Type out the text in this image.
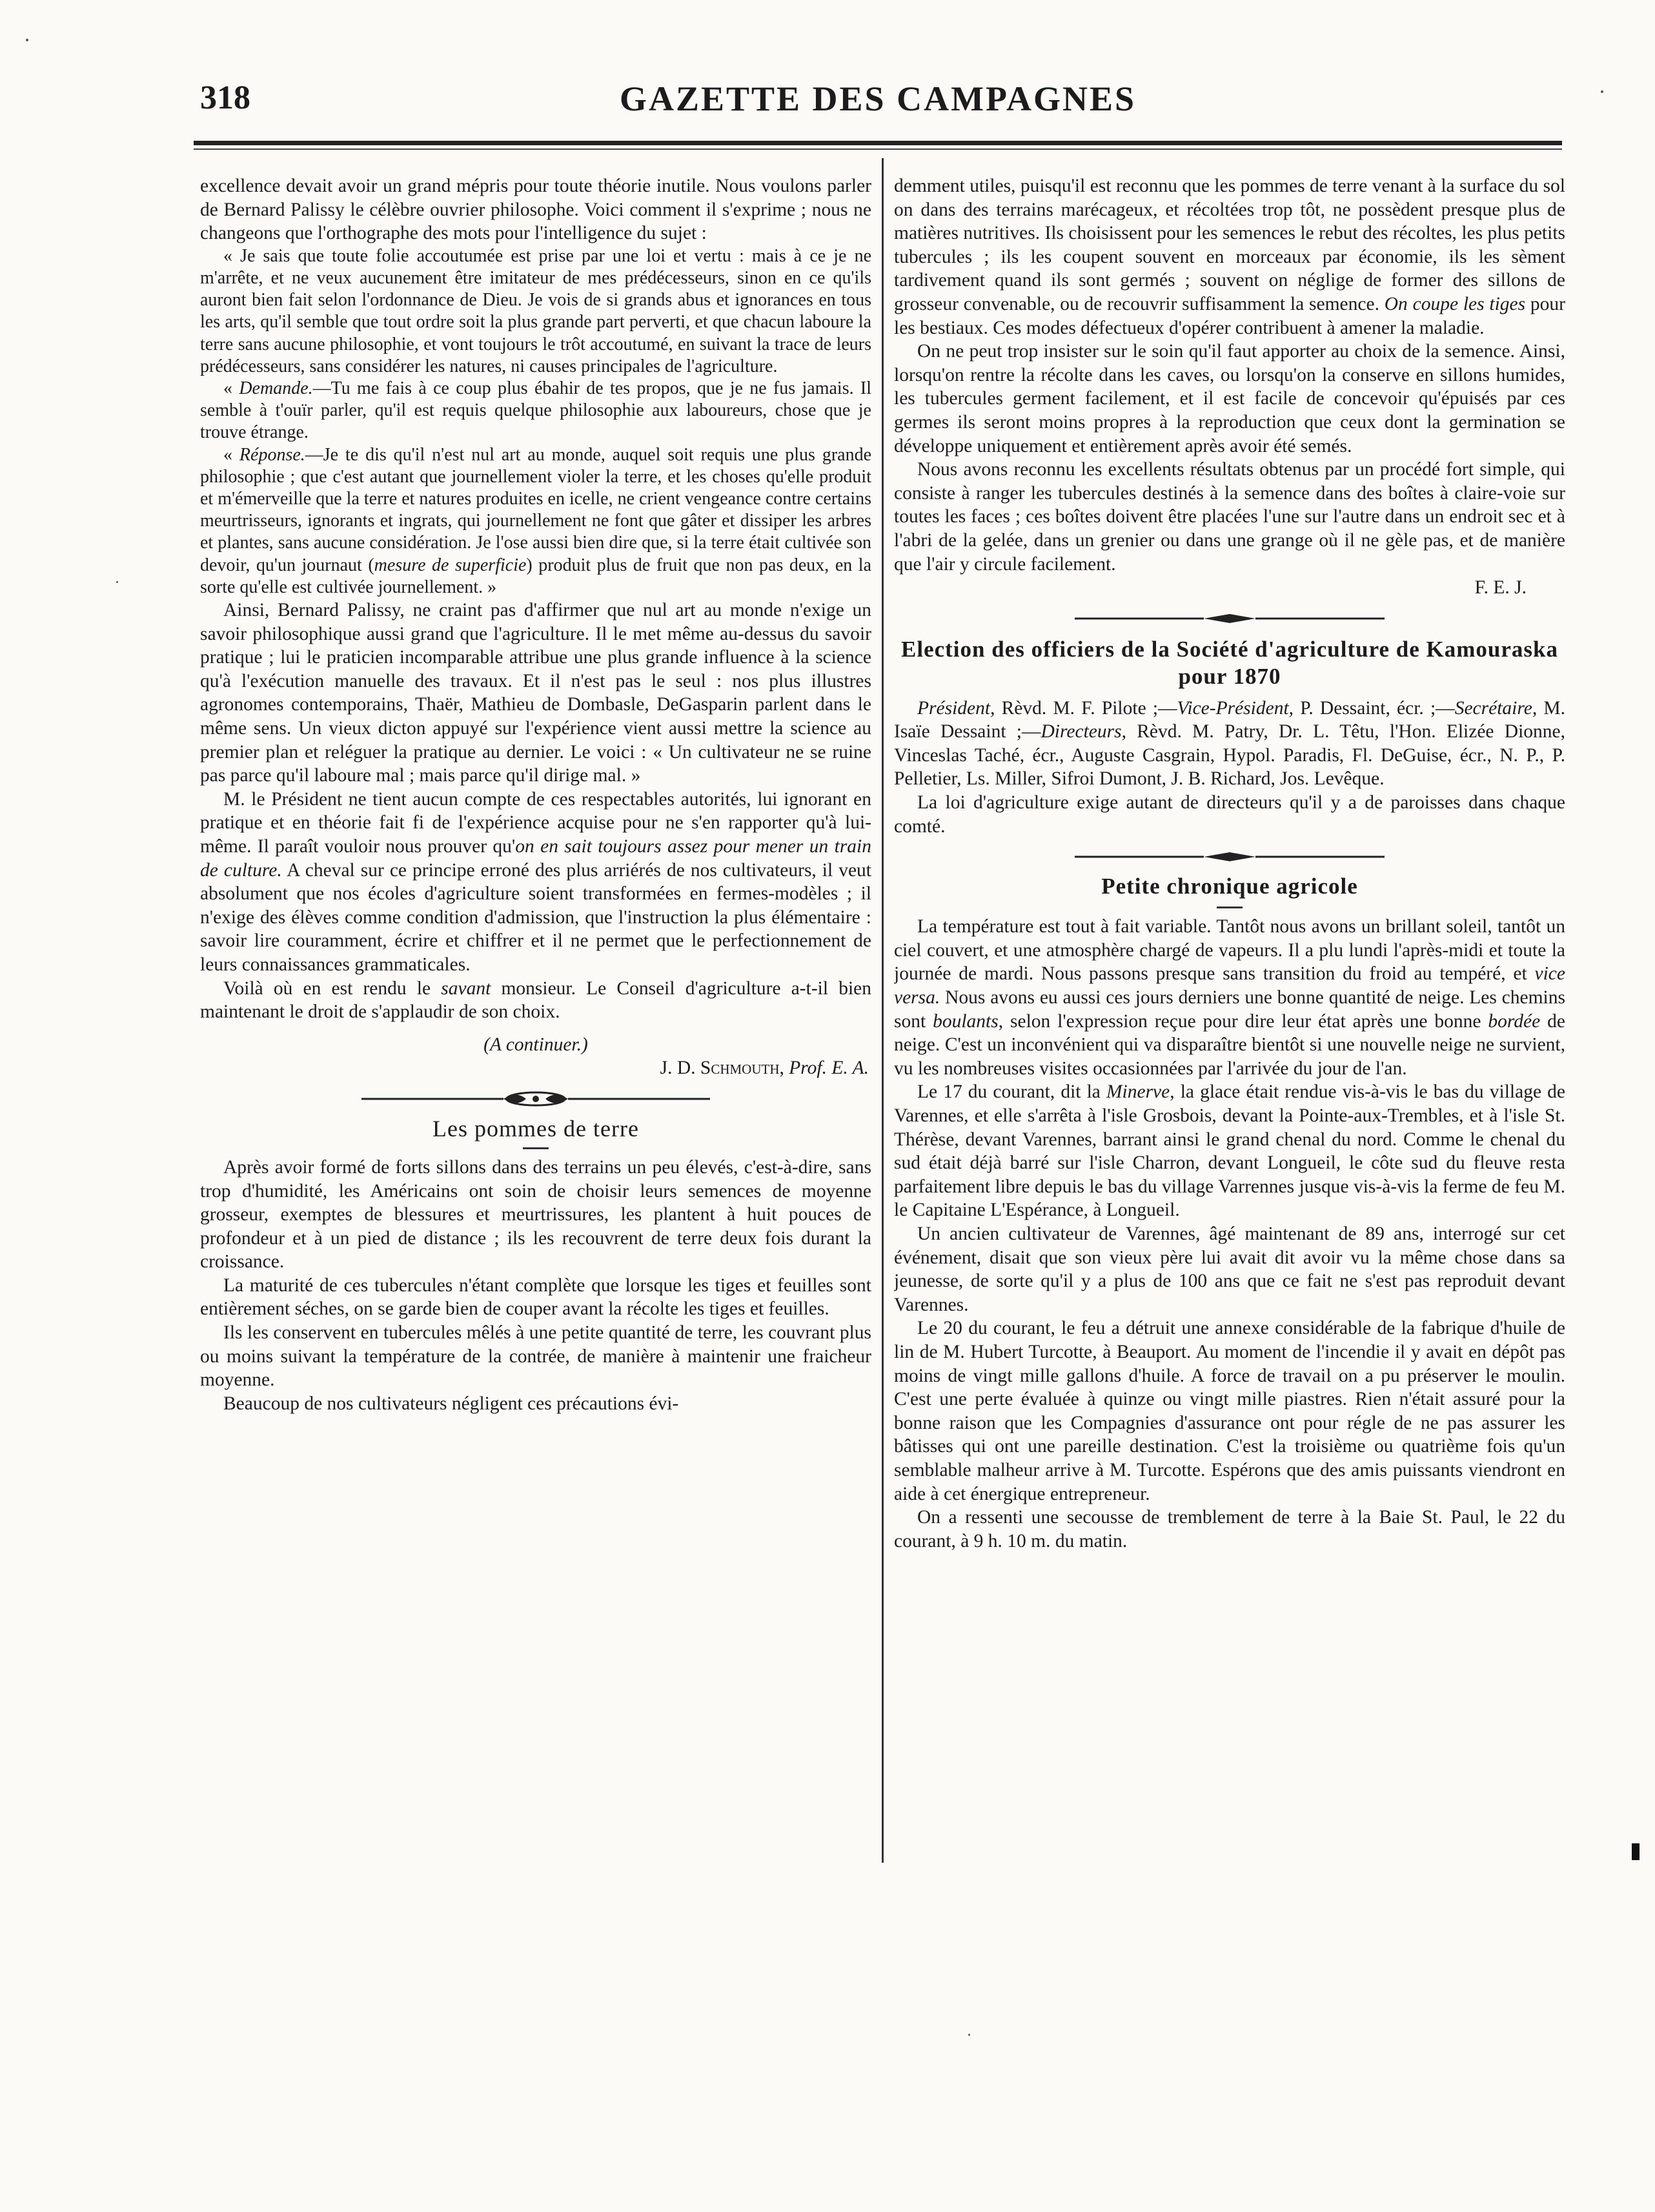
318	GAZETTE DES CAMPAGNES

excellence devait avoir un grand mépris pour toute théorie inutile. Nous voulons parler de Bernard Palissy le célèbre ouvrier philosophe. Voici comment il s'exprime ; nous ne changeons que l'orthographe des mots pour l'intelligence du sujet :

« Je sais que toute folie accoutumée est prise par une loi et vertu : mais à ce je ne m'arrête, et ne veux aucunement être imitateur de mes prédécesseurs, sinon en ce qu'ils auront bien fait selon l'ordonnance de Dieu. Je vois de si grands abus et ignorances en tous les arts, qu'il semble que tout ordre soit la plus grande part perverti, et que chacun laboure la terre sans aucune philosophie, et vont toujours le trôt accoutumé, en suivant la trace de leurs prédécesseurs, sans considérer les natures, ni causes principales de l'agriculture.

« Demande.—Tu me fais à ce coup plus ébahir de tes propos, que je ne fus jamais. Il semble à t'ouïr parler, qu'il est requis quelque philosophie aux laboureurs, chose que je trouve étrange.

« Réponse.—Je te dis qu'il n'est nul art au monde, auquel soit requis une plus grande philosophie ; que c'est autant que journellement violer la terre, et les choses qu'elle produit et m'émerveille que la terre et natures produites en icelle, ne crient vengeance contre certains meurtrisseurs, ignorants et ingrats, qui journellement ne font que gâter et dissiper les arbres et plantes, sans aucune considération. Je l'ose aussi bien dire que, si la terre était cultivée son devoir, qu'un journaut (mesure de superficie) produit plus de fruit que non pas deux, en la sorte qu'elle est cultivée journellement. »

Ainsi, Bernard Palissy, ne craint pas d'affirmer que nul art au monde n'exige un savoir philosophique aussi grand que l'agriculture. Il le met même au-dessus du savoir pratique ; lui le praticien incomparable attribue une plus grande influence à la science qu'à l'exécution manuelle des travaux. Et il n'est pas le seul : nos plus illustres agronomes contemporains, Thaër, Mathieu de Dombasle, DeGasparin parlent dans le même sens. Un vieux dicton appuyé sur l'expérience vient aussi mettre la science au premier plan et reléguer la pratique au dernier. Le voici : « Un cultivateur ne se ruine pas parce qu'il laboure mal ; mais parce qu'il dirige mal. »

M. le Président ne tient aucun compte de ces respectables autorités, lui ignorant en pratique et en théorie fait fi de l'expérience acquise pour ne s'en rapporter qu'à lui-même. Il paraît vouloir nous prouver qu'on en sait toujours assez pour mener un train de culture. A cheval sur ce principe erroné des plus arriérés de nos cultivateurs, il veut absolument que nos écoles d'agriculture soient transformées en fermes-modèles ; il n'exige des élèves comme condition d'admission, que l'instruction la plus élémentaire : savoir lire couramment, écrire et chiffrer et il ne permet que le perfectionnement de leurs connaissances grammaticales.

Voilà où en est rendu le savant monsieur. Le Conseil d'agriculture a-t-il bien maintenant le droit de s'applaudir de son choix.

(A continuer.)

J. D. Schmouth, Prof. E. A.

Les pommes de terre

Après avoir formé de forts sillons dans des terrains un peu élevés, c'est-à-dire, sans trop d'humidité, les Américains ont soin de choisir leurs semences de moyenne grosseur, exemptes de blessures et meurtrissures, les plantent à huit pouces de profondeur et à un pied de distance ; ils les recouvrent de terre deux fois durant la croissance.

La maturité de ces tubercules n'étant complète que lorsque les tiges et feuilles sont entièrement séches, on se garde bien de couper avant la récolte les tiges et feuilles.

Ils les conservent en tubercules mêlés à une petite quantité de terre, les couvrant plus ou moins suivant la température de la contrée, de manière à maintenir une fraicheur moyenne.

Beaucoup de nos cultivateurs négligent ces précautions évi-

demment utiles, puisqu'il est reconnu que les pommes de terre venant à la surface du sol on dans des terrains marécageux, et récoltées trop tôt, ne possèdent presque plus de matières nutritives. Ils choisissent pour les semences le rebut des récoltes, les plus petits tubercules ; ils les coupent souvent en morceaux par économie, ils les sèment tardivement quand ils sont germés ; souvent on néglige de former des sillons de grosseur convenable, ou de recouvrir suffisamment la semence. On coupe les tiges pour les bestiaux. Ces modes défectueux d'opérer contribuent à amener la maladie.

On ne peut trop insister sur le soin qu'il faut apporter au choix de la semence. Ainsi, lorsqu'on rentre la récolte dans les caves, ou lorsqu'on la conserve en sillons humides, les tubercules germent facilement, et il est facile de concevoir qu'épuisés par ces germes ils seront moins propres à la reproduction que ceux dont la germination se développe uniquement et entièrement après avoir été semés.

Nous avons reconnu les excellents résultats obtenus par un procédé fort simple, qui consiste à ranger les tubercules destinés à la semence dans des boîtes à claire-voie sur toutes les faces ; ces boîtes doivent être placées l'une sur l'autre dans un endroit sec et à l'abri de la gelée, dans un grenier ou dans une grange où il ne gèle pas, et de manière que l'air y circule facilement.

F. E. J.

Election des officiers de la Société d'agriculture de Kamouraska pour 1870

Président, Rèvd. M. F. Pilote ;—Vice-Président, P. Dessaint, écr. ;—Secrétaire, M. Isaïe Dessaint ;—Directeurs, Rèvd. M. Patry, Dr. L. Têtu, l'Hon. Elizée Dionne, Vinceslas Taché, écr., Auguste Casgrain, Hypol. Paradis, Fl. DeGuise, écr., N. P., P. Pelletier, Ls. Miller, Sifroi Dumont, J. B. Richard, Jos. Levêque.

La loi d'agriculture exige autant de directeurs qu'il y a de paroisses dans chaque comté.

Petite chronique agricole

La température est tout à fait variable. Tantôt nous avons un brillant soleil, tantôt un ciel couvert, et une atmosphère chargé de vapeurs. Il a plu lundi l'après-midi et toute la journée de mardi. Nous passons presque sans transition du froid au tempéré, et vice versa. Nous avons eu aussi ces jours derniers une bonne quantité de neige. Les chemins sont boulants, selon l'expression reçue pour dire leur état après une bonne bordée de neige. C'est un inconvénient qui va disparaître bientôt si une nouvelle neige ne survient, vu les nombreuses visites occasionnées par l'arrivée du jour de l'an.

Le 17 du courant, dit la Minerve, la glace était rendue vis-à-vis le bas du village de Varennes, et elle s'arrêta à l'isle Grosbois, devant la Pointe-aux-Trembles, et à l'isle St. Thérèse, devant Varennes, barrant ainsi le grand chenal du nord. Comme le chenal du sud était déjà barré sur l'isle Charron, devant Longueil, le côte sud du fleuve resta parfaitement libre depuis le bas du village Varrennes jusque vis-à-vis la ferme de feu M. le Capitaine L'Espérance, à Longueil.

Un ancien cultivateur de Varennes, âgé maintenant de 89 ans, interrogé sur cet événement, disait que son vieux père lui avait dit avoir vu la même chose dans sa jeunesse, de sorte qu'il y a plus de 100 ans que ce fait ne s'est pas reproduit devant Varennes.

Le 20 du courant, le feu a détruit une annexe considérable de la fabrique d'huile de lin de M. Hubert Turcotte, à Beauport. Au moment de l'incendie il y avait en dépôt pas moins de vingt mille gallons d'huile. A force de travail on a pu préserver le moulin. C'est une perte évaluée à quinze ou vingt mille piastres. Rien n'était assuré pour la bonne raison que les Compagnies d'assurance ont pour régle de ne pas assurer les bâtisses qui ont une pareille destination. C'est la troisième ou quatrième fois qu'un semblable malheur arrive à M. Turcotte. Espérons que des amis puissants viendront en aide à cet énergique entrepreneur.

On a ressenti une secousse de tremblement de terre à la Baie St. Paul, le 22 du courant, à 9 h. 10 m. du matin.
